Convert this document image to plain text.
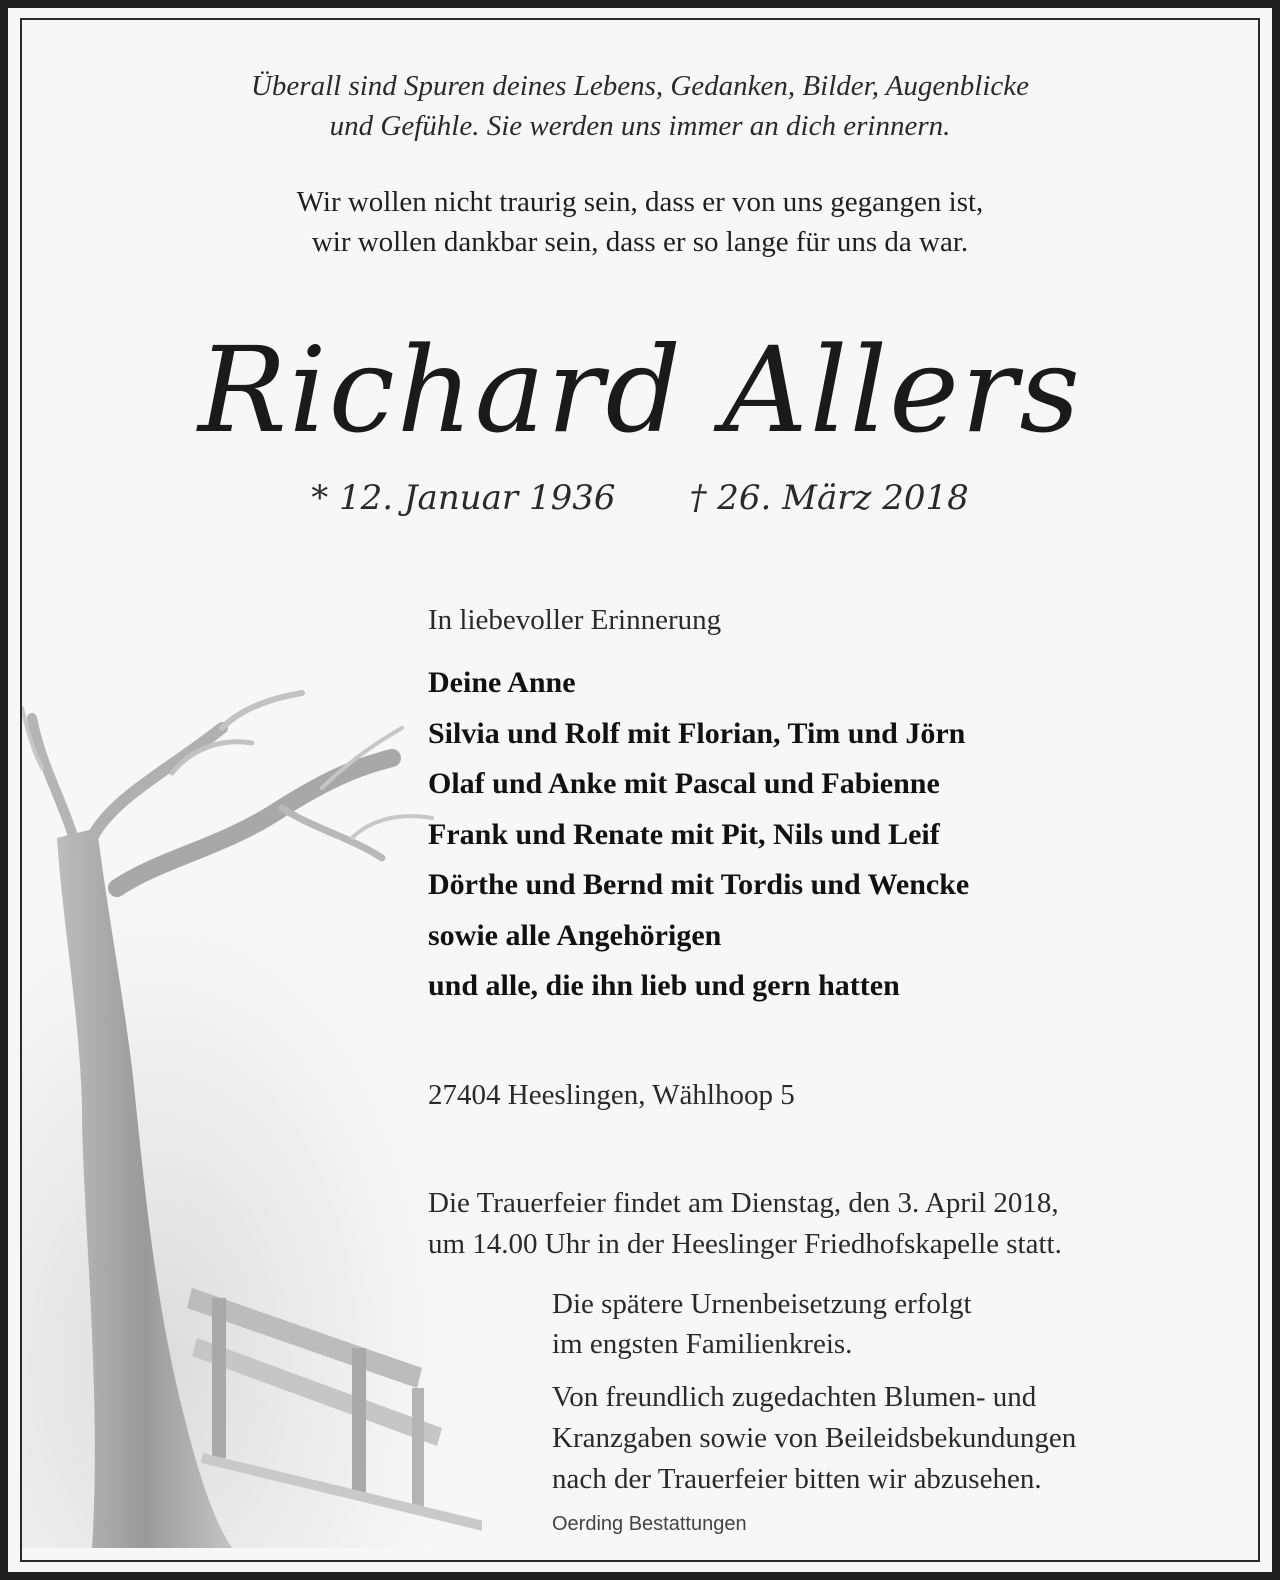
Überall sind Spuren deines Lebens, Gedanken, Bilder, Augenblicke
und Gefühle. Sie werden uns immer an dich erinnern.
Wir wollen nicht traurig sein, dass er von uns gegangen ist,
wir wollen dankbar sein, dass er so lange für uns da war.
Richard Allers
* 12. Januar 1936 † 26. März 2018
In liebevoller Erinnerung
Deine Anne
Silvia und Rolf mit Florian, Tim und Jörn
Olaf und Anke mit Pascal und Fabienne
Frank und Renate mit Pit, Nils und Leif
Dörthe und Bernd mit Tordis und Wencke
sowie alle Angehörigen
und alle, die ihn lieb und gern hatten
27404 Heeslingen, Wählhoop 5
Die Trauerfeier findet am Dienstag, den 3. April 2018,
um 14.00 Uhr in der Heeslinger Friedhofskapelle statt.
Die spätere Urnenbeisetzung erfolgt
im engsten Familienkreis.
Von freundlich zugedachten Blumen- und
Kranzgaben sowie von Beileidsbekundungen
nach der Trauerfeier bitten wir abzusehen.
Oerding Bestattungen
